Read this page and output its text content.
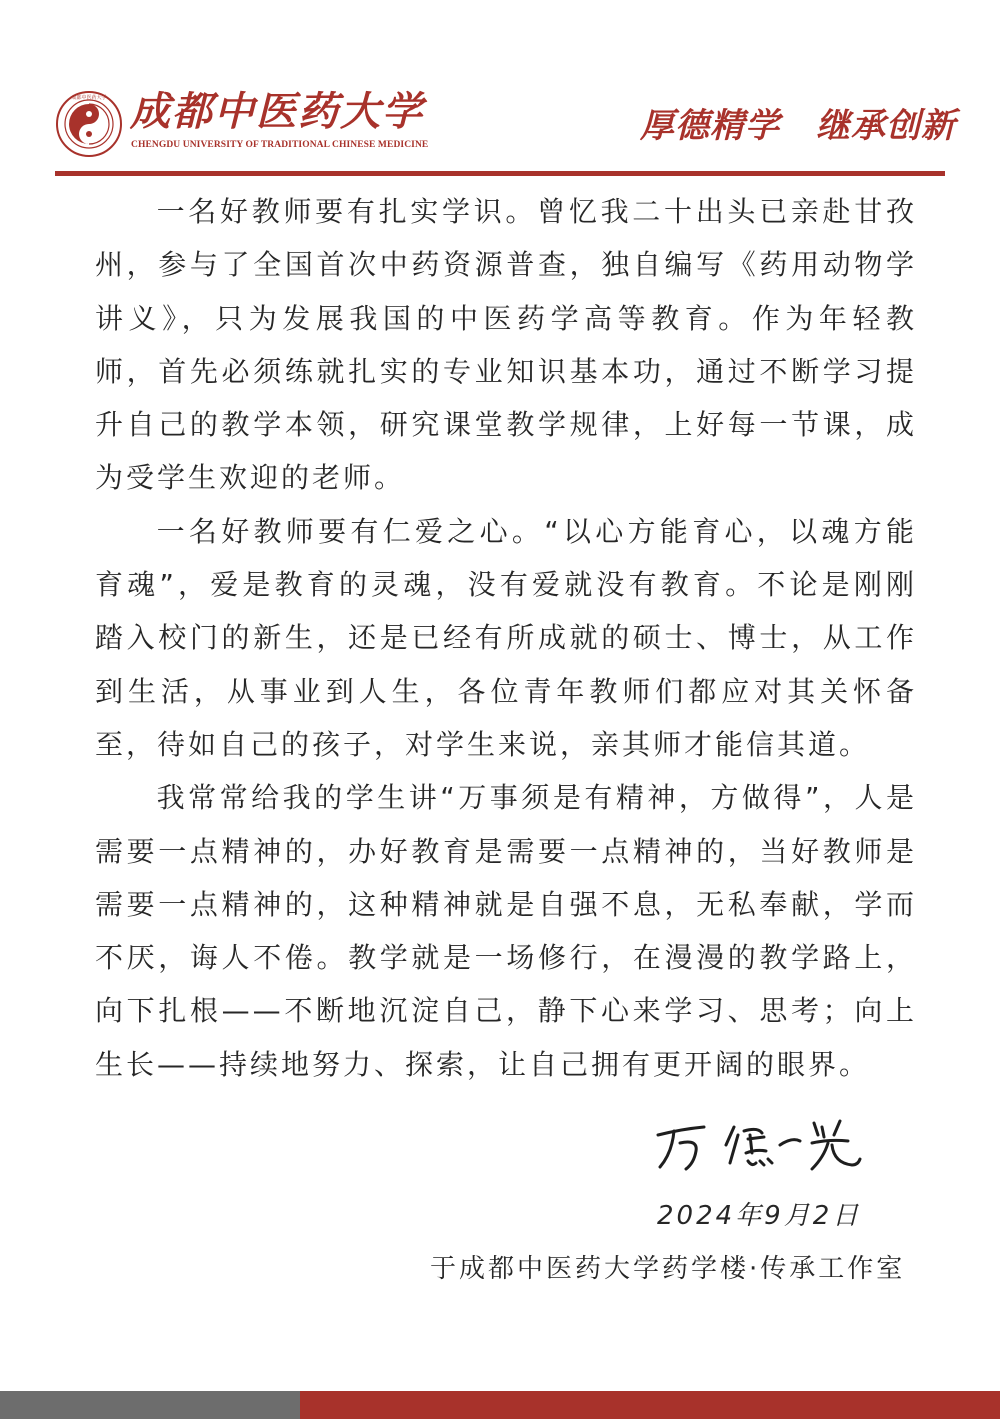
成都中医药大学 成都中医药大学
CHENGDU UNIVERSITY OF TRADITIONAL CHINESE MEDICINE	厚德精学 继承创新

一名好教师要有扎实学识。曾忆我二十出头已亲赴甘孜州，参与了全国首次中药资源普查，独自编写《药用动物学讲义》，只为发展我国的中医药学高等教育。作为年轻教师，首先必须练就扎实的专业知识基本功，通过不断学习提升自己的教学本领，研究课堂教学规律，上好每一节课，成为受学生欢迎的老师。

一名好教师要有仁爱之心。“以心方能育心，以魂方能育魂”，爱是教育的灵魂，没有爱就没有教育。不论是刚刚踏入校门的新生，还是已经有所成就的硕士、博士，从工作到生活，从事业到人生，各位青年教师们都应对其关怀备至，待如自己的孩子，对学生来说，亲其师才能信其道。

我常常给我的学生讲“万事须是有精神，方做得”，人是需要一点精神的，办好教育是需要一点精神的，当好教师是需要一点精神的，这种精神就是自强不息，无私奉献，学而不厌，诲人不倦。教学就是一场修行，在漫漫的教学路上，向下扎根——不断地沉淀自己，静下心来学习、思考；向上生长——持续地努力、探索，让自己拥有更开阔的眼界。

2024年9月2日
于成都中医药大学药学楼·传承工作室
